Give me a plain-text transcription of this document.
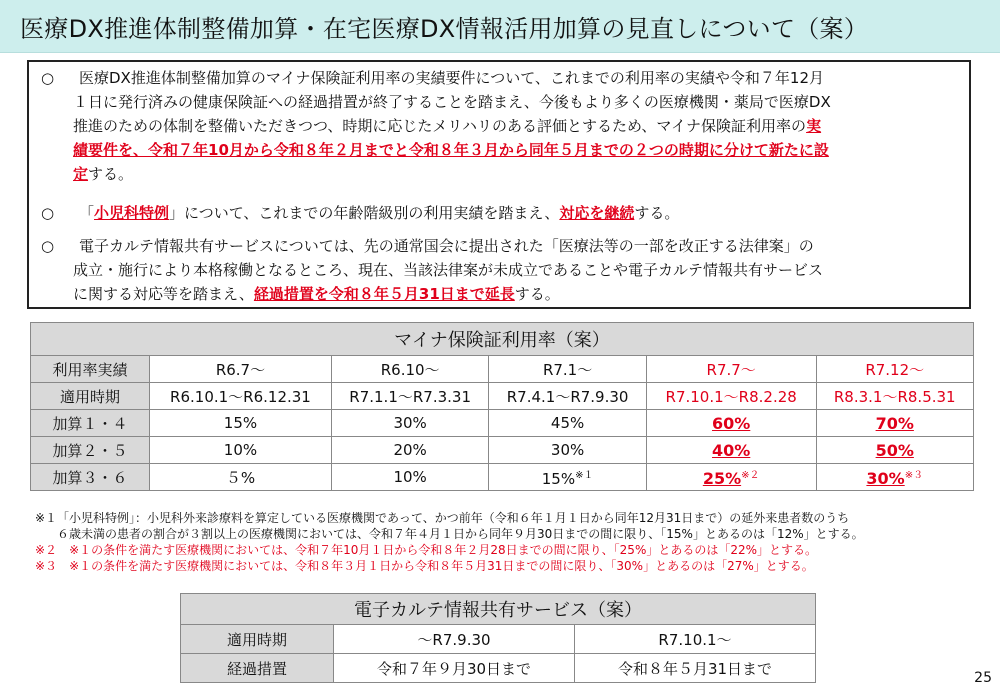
医療DX推進体制整備加算・在宅医療DX情報活用加算の見直しについて（案）
○	医療DX推進体制整備加算のマイナ保険証利用率の実績要件について、これまでの利用率の実績や令和７年12月
１日に発行済みの健康保険証への経過措置が終了することを踏まえ、今後もより多くの医療機関・薬局で医療DX
推進のための体制を整備いただきつつ、時期に応じたメリハリのある評価とするため、マイナ保険証利用率の実
績要件を、令和７年10月から令和８年２月までと令和８年３月から同年５月までの２つの時期に分けて新たに設
定する。
○	「小児科特例」について、これまでの年齢階級別の利用実績を踏まえ、対応を継続する。
○	電子カルテ情報共有サービスについては、先の通常国会に提出された「医療法等の一部を改正する法律案」の
成立・施行により本格稼働となるところ、現在、当該法律案が未成立であることや電子カルテ情報共有サービス
に関する対応等を踏まえ、経過措置を令和８年５月31日まで延長する。
マイナ保険証利用率（案）					
利用率実績	R6.7～	R6.10～	R7.1～	R7.7～	R7.12～
適用時期	R6.10.1～R6.12.31	R7.1.1～R7.3.31	R7.4.1～R7.9.30	R7.10.1～R8.2.28	R8.3.1～R8.5.31
加算１・４	15%	30%	45%	60%	70%
加算２・５	10%	20%	30%	40%	50%
加算３・６	５%	10%	15%$^{※1}$	25%$^{※2}$	30%$^{※3}$
※１「小児科特例」：小児科外来診療料を算定している医療機関であって、かつ前年（令和６年１月１日から同年12月31日まで）の延外来患者数のうち
６歳未満の患者の割合が３割以上の医療機関においては、令和７年４月１日から同年９月30日までの間に限り、「15%」とあるのは「12%」とする。
※２　 ※１の条件を満たす医療機関においては、令和７年10月１日から令和８年２月28日までの間に限り、「25%」とあるのは「22%」とする。
※３　 ※１の条件を満たす医療機関においては、令和８年３月１日から令和８年５月31日までの間に限り、「30%」とあるのは「27%」とする。
電子カルテ情報共有サービス（案）		
適用時期	～R7.9.30	R7.10.1～
経過措置	令和７年９月30日まで	令和８年５月31日まで
25
